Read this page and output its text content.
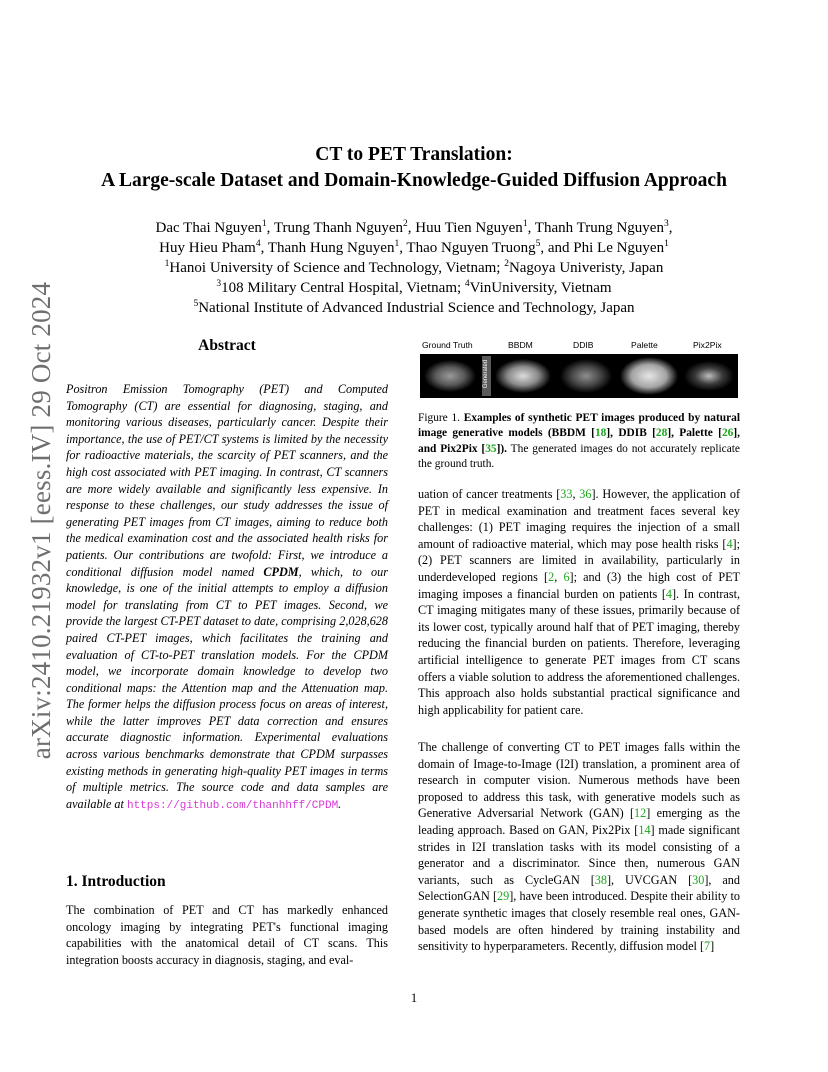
arXiv:2410.21932v1 [eess.IV] 29 Oct 2024
CT to PET Translation:
A Large-scale Dataset and Domain-Knowledge-Guided Diffusion Approach
Dac Thai Nguyen$^1$, Trung Thanh Nguyen$^2$, Huu Tien Nguyen$^1$, Thanh Trung Nguyen$^3$,
Huy Hieu Pham$^4$, Thanh Hung Nguyen$^1$, Thao Nguyen Truong$^5$, and Phi Le Nguyen$^1$
$^1$Hanoi University of Science and Technology, Vietnam; $^2$Nagoya Univeristy, Japan
$^3$108 Military Central Hospital, Vietnam; $^4$VinUniversity, Vietnam
$^5$National Institute of Advanced Industrial Science and Technology, Japan
Abstract
Positron Emission Tomography (PET) and Computed Tomography (CT) are essential for diagnosing, staging, and monitoring various diseases, particularly cancer. Despite their importance, the use of PET/CT systems is limited by the necessity for radioactive materials, the scarcity of PET scanners, and the high cost associated with PET imaging. In contrast, CT scanners are more widely available and significantly less expensive. In response to these challenges, our study addresses the issue of generating PET images from CT images, aiming to reduce both the medical examination cost and the associated health risks for patients. Our contributions are twofold: First, we introduce a conditional diffusion model named CPDM, which, to our knowledge, is one of the initial attempts to employ a diffusion model for translating from CT to PET images. Second, we provide the largest CT-PET dataset to date, comprising 2,028,628 paired CT-PET images, which facilitates the training and evaluation of CT-to-PET translation models. For the CPDM model, we incorporate domain knowledge to develop two conditional maps: the Attention map and the Attenuation map. The former helps the diffusion process focus on areas of interest, while the latter improves PET data correction and ensures accurate diagnostic information. Experimental evaluations across various benchmarks demonstrate that CPDM surpasses existing methods in generating high-quality PET images in terms of multiple metrics. The source code and data samples are available at https://github.com/thanhhff/CPDM.
1. Introduction
The combination of PET and CT has markedly enhanced oncology imaging by integrating PET's functional imaging capabilities with the anatomical detail of CT scans. This integration boosts accuracy in diagnosis, staging, and eval-
Ground Truth	BBDM	DDIB	Palette	Pix2Pix
Generated
Figure 1. Examples of synthetic PET images produced by natural image generative models (BBDM [18], DDIB [28], Palette [26], and Pix2Pix [35]). The generated images do not accurately replicate the ground truth.
uation of cancer treatments [33, 36]. However, the application of PET in medical examination and treatment faces several key challenges: (1) PET imaging requires the injection of a small amount of radioactive material, which may pose health risks [4]; (2) PET scanners are limited in availability, particularly in underdeveloped regions [2, 6]; and (3) the high cost of PET imaging imposes a financial burden on patients [4]. In contrast, CT imaging mitigates many of these issues, primarily because of its lower cost, typically around half that of PET imaging, thereby reducing the financial burden on patients. Therefore, leveraging artificial intelligence to generate PET images from CT scans offers a viable solution to address the aforementioned challenges. This approach also holds substantial practical significance and high applicability for patient care.
The challenge of converting CT to PET images falls within the domain of Image-to-Image (I2I) translation, a prominent area of research in computer vision. Numerous methods have been proposed to address this task, with generative models such as Generative Adversarial Network (GAN) [12] emerging as the leading approach. Based on GAN, Pix2Pix [14] made significant strides in I2I translation tasks with its model consisting of a generator and a discriminator. Since then, numerous GAN variants, such as CycleGAN [38], UVCGAN [30], and SelectionGAN [29], have been introduced. Despite their ability to generate synthetic images that closely resemble real ones, GAN-based models are often hindered by training instability and sensitivity to hyperparameters. Recently, diffusion model [7]
1
